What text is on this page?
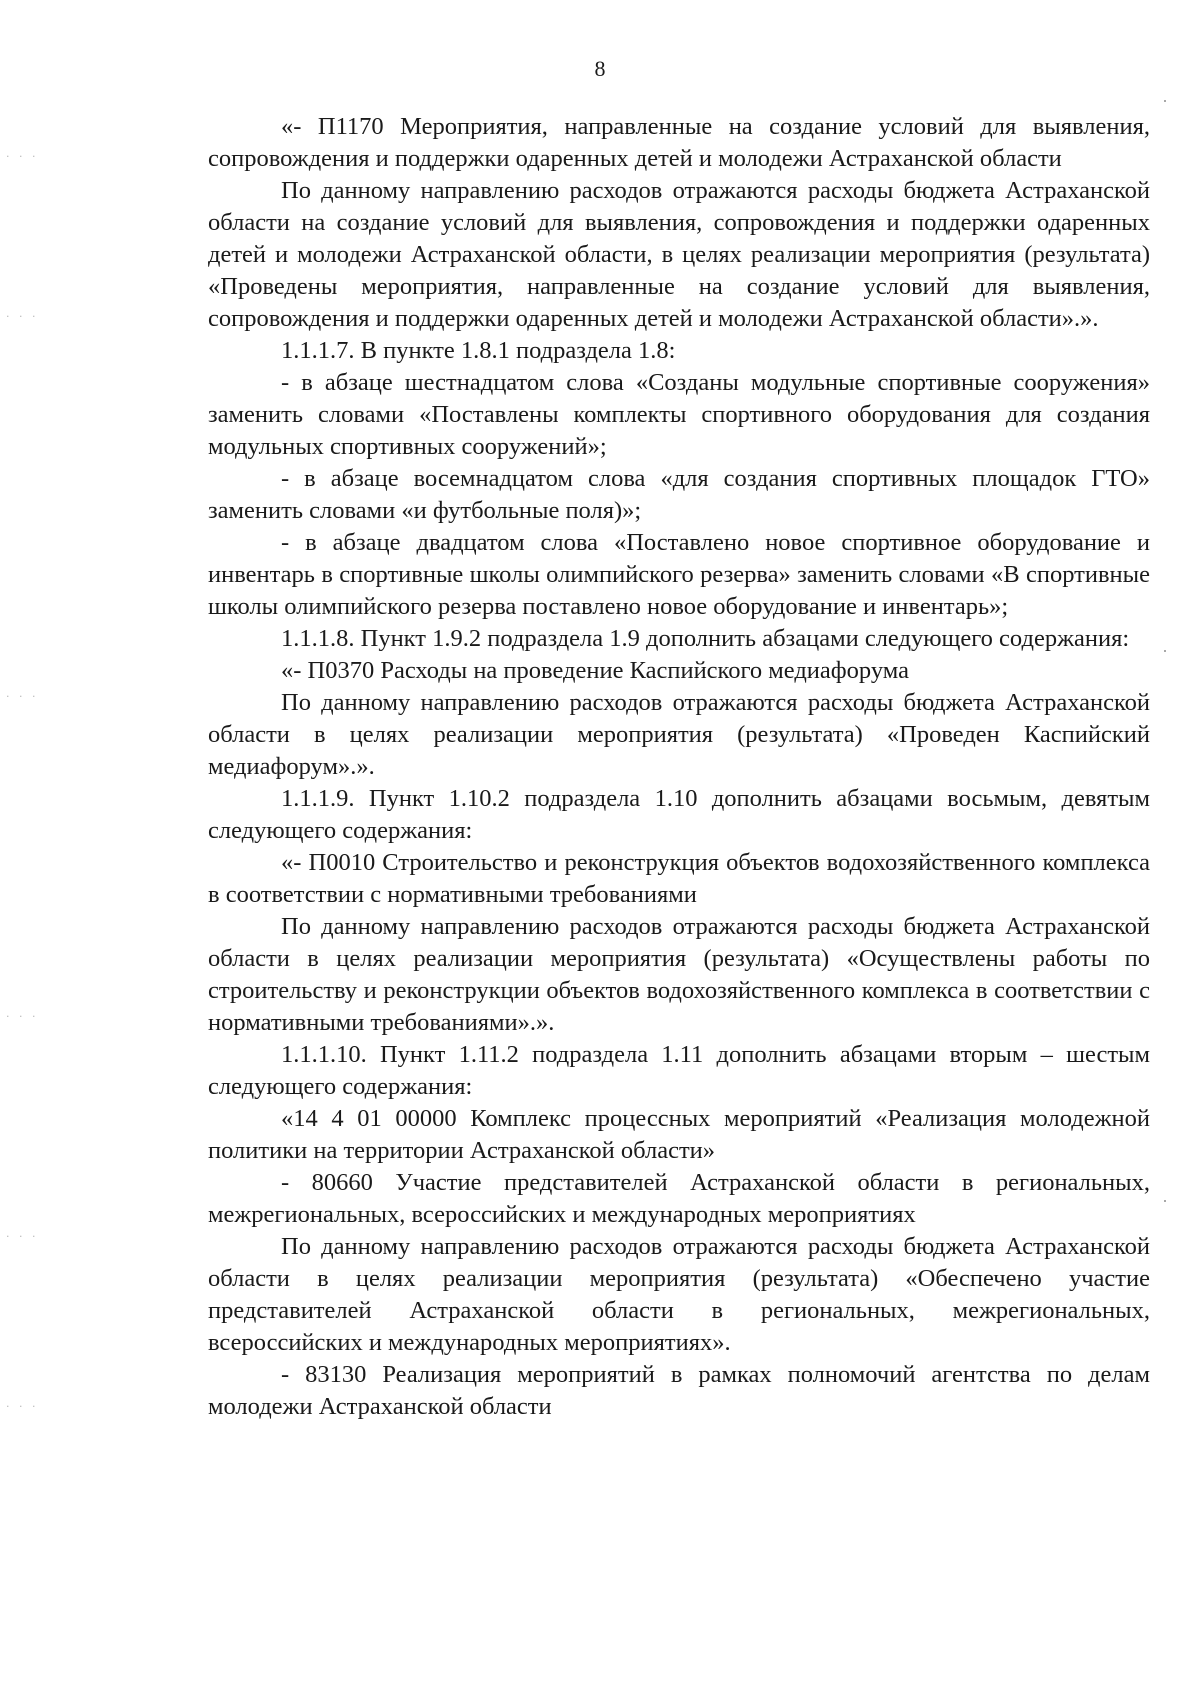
· · ·
· · ·
· · ·
· · ·
· · ·
· · ·
8

«- П1170 Мероприятия, направленные на создание условий для выявления, сопровождения и поддержки одаренных детей и молодежи Астраханской области

По данному направлению расходов отражаются расходы бюджета Астраханской области на создание условий для выявления, сопровождения и поддержки одаренных детей и молодежи Астраханской области, в целях реализации мероприятия (результата) «Проведены мероприятия, направленные на создание условий для выявления, сопровождения и поддержки одаренных детей и молодежи Астраханской области».».

1.1.1.7. В пункте 1.8.1 подраздела 1.8:

- в абзаце шестнадцатом слова «Созданы модульные спортивные сооружения» заменить словами «Поставлены комплекты спортивного оборудования для создания модульных спортивных сооружений»;

- в абзаце восемнадцатом слова «для создания спортивных площадок ГТО» заменить словами «и футбольные поля)»;

- в абзаце двадцатом слова «Поставлено новое спортивное оборудование и инвентарь в спортивные школы олимпийского резерва» заменить словами «В спортивные школы олимпийского резерва поставлено новое оборудование и инвентарь»;

1.1.1.8. Пункт 1.9.2 подраздела 1.9 дополнить абзацами следующего содержания:

«- П0370 Расходы на проведение Каспийского медиафорума

По данному направлению расходов отражаются расходы бюджета Астраханской области в целях реализации мероприятия (результата) «Проведен Каспийский медиафорум».».

1.1.1.9. Пункт 1.10.2 подраздела 1.10 дополнить абзацами восьмым, девятым следующего содержания:

«- П0010 Строительство и реконструкция объектов водохозяйственного комплекса в соответствии с нормативными требованиями

По данному направлению расходов отражаются расходы бюджета Астраханской области в целях реализации мероприятия (результата) «Осуществлены работы по строительству и реконструкции объектов водохозяйственного комплекса в соответствии с нормативными требованиями».».

1.1.1.10. Пункт 1.11.2 подраздела 1.11 дополнить абзацами вторым – шестым следующего содержания:

«14 4 01 00000 Комплекс процессных мероприятий «Реализация молодежной политики на территории Астраханской области»

- 80660 Участие представителей Астраханской области в региональных, межрегиональных, всероссийских и международных мероприятиях

По данному направлению расходов отражаются расходы бюджета Астраханской области в целях реализации мероприятия (результата) «Обеспечено участие представителей Астраханской области в региональных, межрегиональных, всероссийских и международных мероприятиях».

- 83130 Реализация мероприятий в рамках полномочий агентства по делам молодежи Астраханской области
